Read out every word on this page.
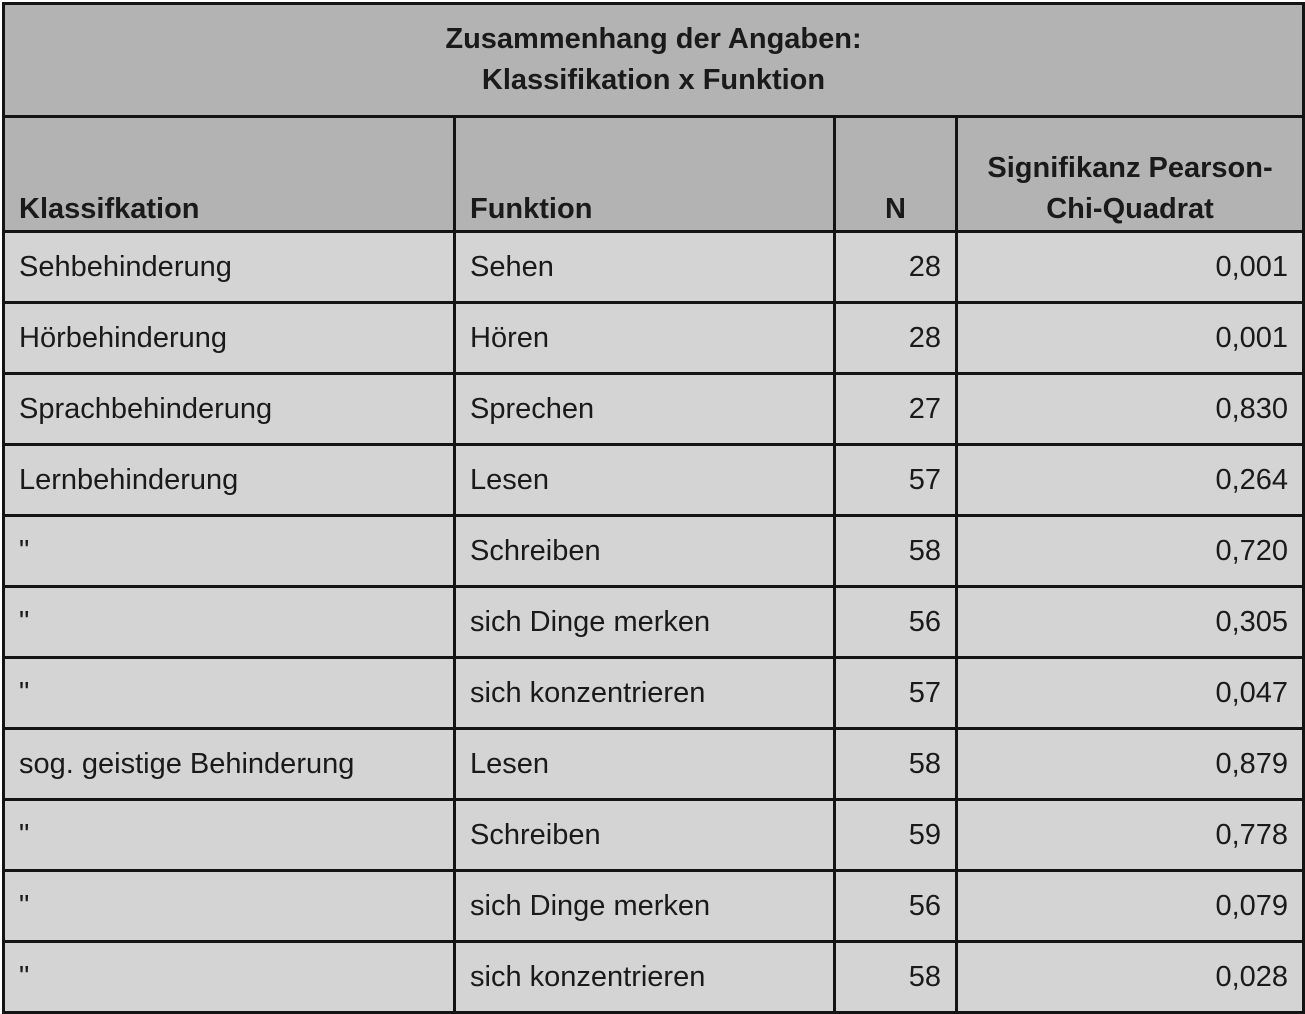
Zusammenhang der Angaben:
Klassifikation x Funktion			

Klassifkation	Funktion	N	Signifikanz Pearson-
Chi-Quadrat

Sehbehinderung	Sehen	28	0,001
Hörbehinderung	Hören	28	0,001
Sprachbehinderung	Sprechen	27	0,830
Lernbehinderung	Lesen	57	0,264
"	Schreiben	58	0,720
"	sich Dinge merken	56	0,305
"	sich konzentrieren	57	0,047
sog. geistige Behinderung	Lesen	58	0,879
"	Schreiben	59	0,778
"	sich Dinge merken	56	0,079
"	sich konzentrieren	58	0,028
